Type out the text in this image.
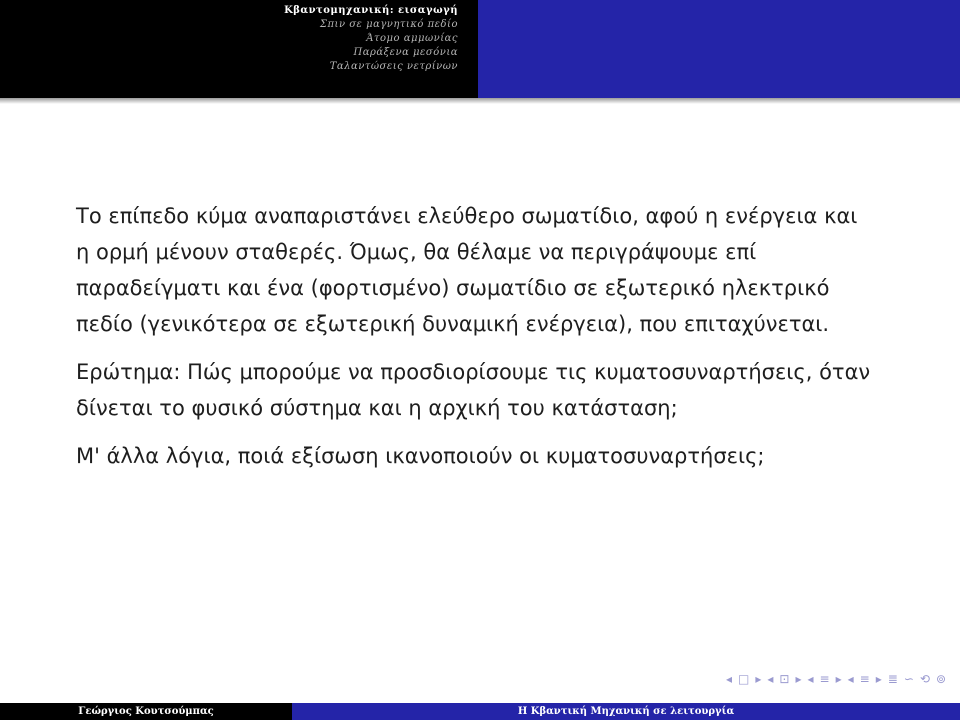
Κβαντομηχανική: εισαγωγή
Σπιν σε μαγνητικό πεδίο
Άτομο αμμωνίας
Παράξενα μεσόνια
Ταλαντώσεις νετρίνων

Το επίπεδο κύμα αναπαριστάνει ελεύθερο σωματίδιο, αφού η ενέργεια και η ορμή μένουν σταθερές. Όμως, θα θέλαμε να περιγράψουμε επί παραδείγματι και ένα (φορτισμένο) σωματίδιο σε εξωτερικό ηλεκτρικό πεδίο (γενικότερα σε εξωτερική δυναμική ενέργεια), που επιταχύνεται.

Ερώτημα: Πώς μπορούμε να προσδιορίσουμε τις κυματοσυναρτήσεις, όταν δίνεται το φυσικό σύστημα και η αρχική του κατάσταση;

Μ' άλλα λόγια, ποιά εξίσωση ικανοποιούν οι κυματοσυναρτήσεις;

◂ □ ▸ ◂ ⊡ ▸ ◂ ≡ ▸ ◂ ≡ ▸ ≣ ∽ ⟲ ⊚
Γεώργιος Κουτσούμπας	Η Κβαντική Μηχανική σε λειτουργία
